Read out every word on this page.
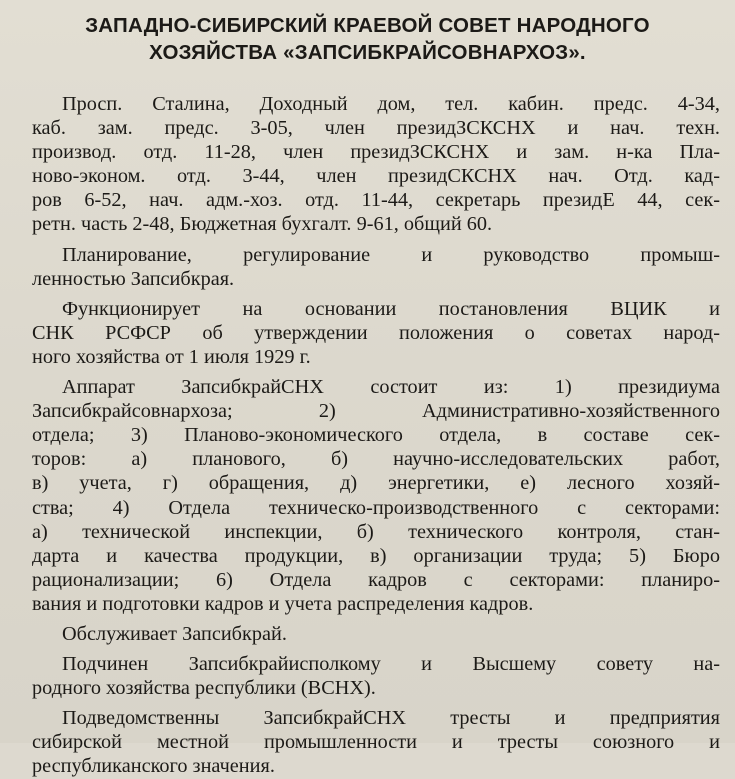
ЗАПАДНО-СИБИРСКИЙ КРАЕВОЙ СОВЕТ НАРОДНОГО
ХОЗЯЙСТВА «ЗАПСИБКРАЙСОВНАРХОЗ».
Просп. Сталина, Доходный дом, тел. кабин. предс. 4-34,
каб. зам. предс. 3-05, член президЗСКСНХ и нач. техн.
производ. отд. 11-28, член президЗСКСНХ и зам. н-ка Пла-
ново-эконом. отд. 3-44, член президСКСНХ нач. Отд. кад-
ров 6-52, нач. адм.-хоз. отд. 11-44, секретарь президЕ 44, сек-
ретн. часть 2-48, Бюджетная бухгалт. 9-61, общий 60.
Планирование, регулирование и руководство промыш-
ленностью Запсибкрая.
Функционирует на основании постановления ВЦИК и
СНК РСФСР об утверждении положения о советах народ-
ного хозяйства от 1 июля 1929 г.
Аппарат ЗапсибкрайСНХ состоит из: 1) президиума
Запсибкрайсовнархоза; 2) Административно-хозяйственного
отдела; 3) Планово-экономического отдела, в составе сек-
торов: а) планового, б) научно-исследовательских работ,
в) учета, г) обращения, д) энергетики, е) лесного хозяй-
ства; 4) Отдела техническо-производственного с секторами:
а) технической инспекции, б) технического контроля, стан-
дарта и качества продукции, в) организации труда; 5) Бюро
рационализации; 6) Отдела кадров с секторами: планиро-
вания и подготовки кадров и учета распределения кадров.
Обслуживает Запсибкрай.
Подчинен Запсибкрайисполкому и Высшему совету на-
родного хозяйства республики (ВСНХ).
Подведомственны ЗапсибкрайСНХ тресты и предприятия
сибирской местной промышленности и тресты союзного и
республиканского значения.
